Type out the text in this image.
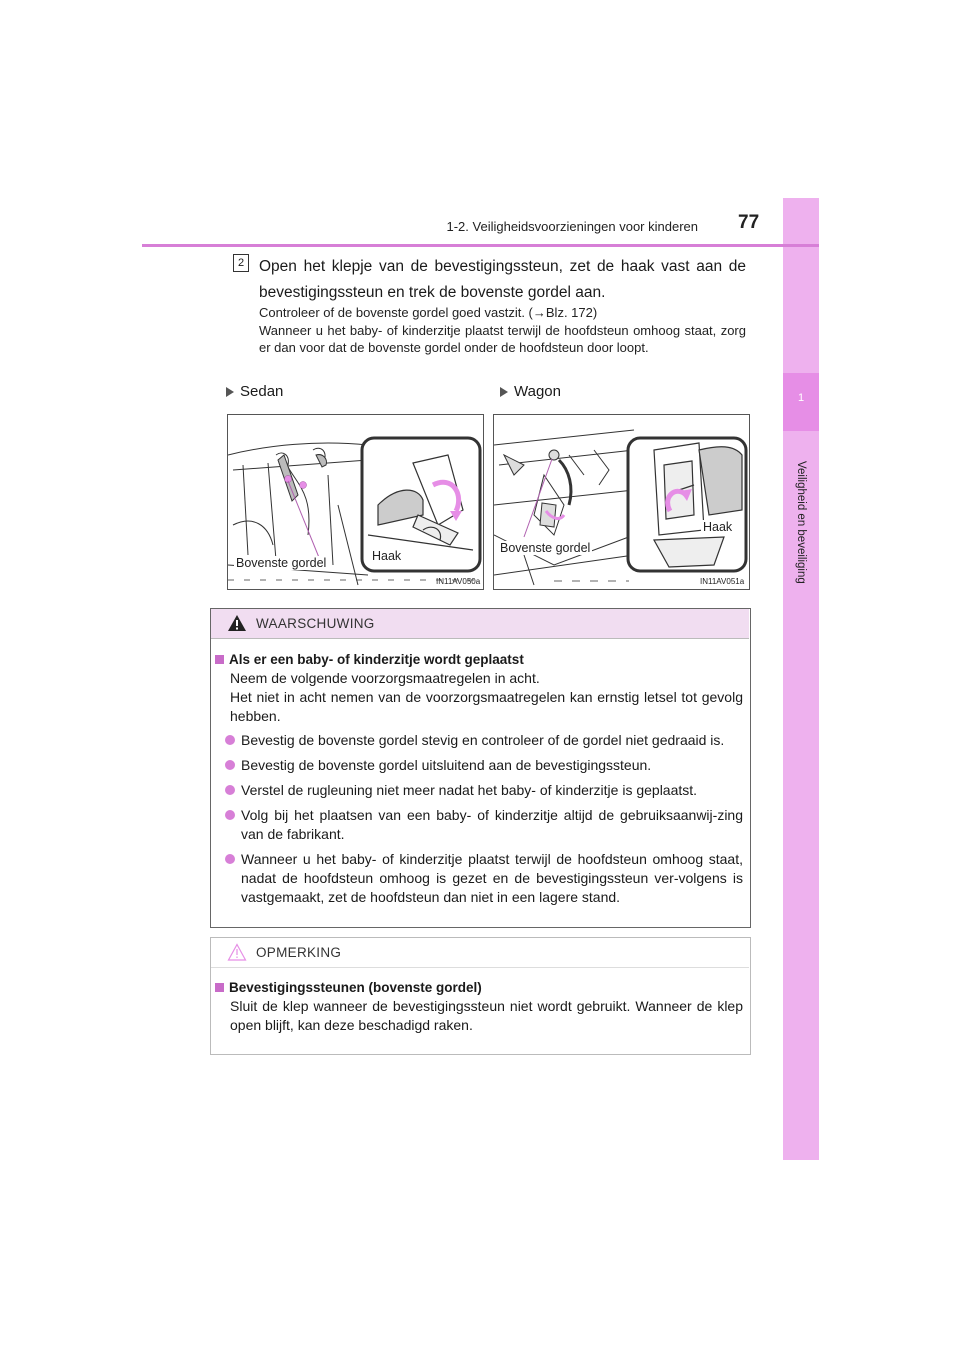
1
Veiligheid en beveiliging
1-2. Veiligheidsvoorzieningen voor kinderen 77
2 Open het klepje van de bevestigingssteun, zet de haak vast aan de bevestigingssteun en trek de bovenste gordel aan.
Controleer of de bovenste gordel goed vastzit. (→Blz. 172)
Wanneer u het baby- of kinderzitje plaatst terwijl de hoofdsteun omhoog staat, zorg er dan voor dat de bovenste gordel onder de hoofdsteun door loopt.
Sedan	Wagon
Bovenste gordel	Haak
IN11AV050a
Bovenste gordel
Haak
IN11AV051a
WAARSCHUWING
Als er een baby- of kinderzitje wordt geplaatst
Neem de volgende voorzorgsmaatregelen in acht.
Het niet in acht nemen van de voorzorgsmaatregelen kan ernstig letsel tot gevolg hebben.
Bevestig de bovenste gordel stevig en controleer of de gordel niet gedraaid is.
Bevestig de bovenste gordel uitsluitend aan de bevestigingssteun.
Verstel de rugleuning niet meer nadat het baby- of kinderzitje is geplaatst.
Volg bij het plaatsen van een baby- of kinderzitje altijd de gebruiksaanwij-zing van de fabrikant.
Wanneer u het baby- of kinderzitje plaatst terwijl de hoofdsteun omhoog staat, nadat de hoofdsteun omhoog is gezet en de bevestigingssteun ver-volgens is vastgemaakt, zet de hoofdsteun dan niet in een lagere stand.
OPMERKING
Bevestigingssteunen (bovenste gordel)
Sluit de klep wanneer de bevestigingssteun niet wordt gebruikt. Wanneer de klep open blijft, kan deze beschadigd raken.
